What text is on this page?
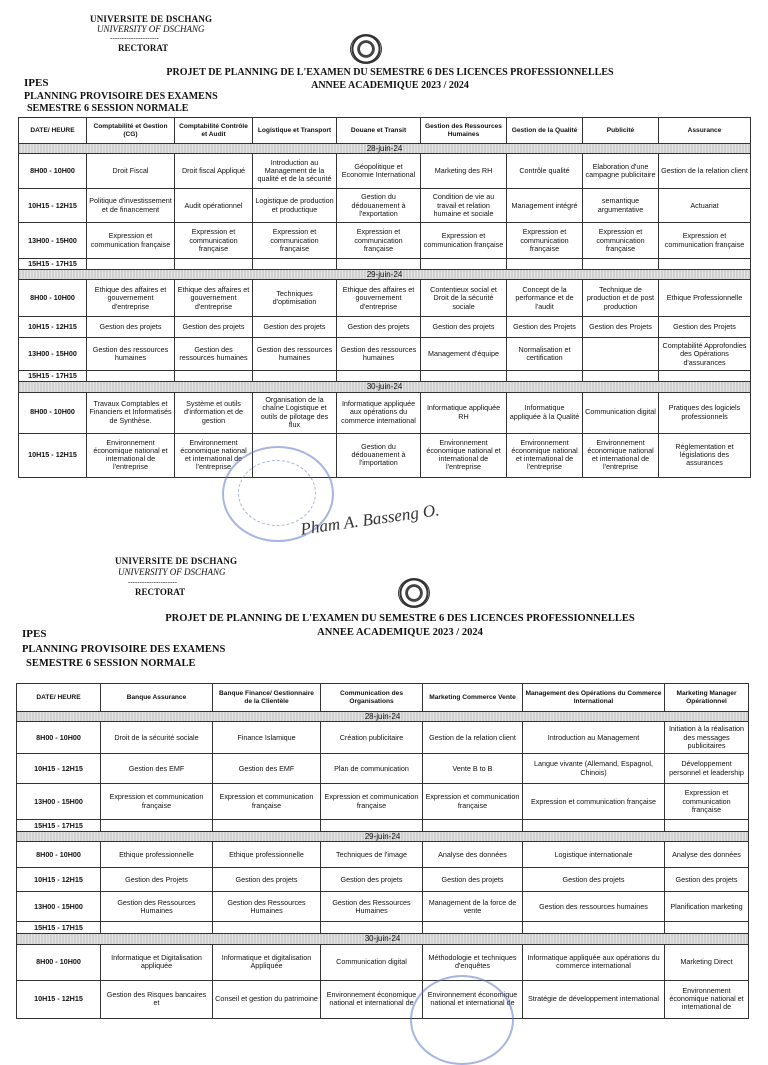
UNIVERSITE DE DSCHANG
UNIVERSITY OF DSCHANG
---------------------
RECTORAT
PROJET DE PLANNING DE L'EXAMEN DU SEMESTRE 6 DES LICENCES PROFESSIONNELLES
ANNEE ACADEMIQUE 2023 / 2024
IPES
PLANNING PROVISOIRE DES EXAMENS
SEMESTRE 6 SESSION NORMALE
DATE/ HEURE	Comptabilité et Gestion (CG)	Comptabilité Contrôle et Audit	Logistique et Transport	Douane et Transit	Gestion des Ressources Humaines	Gestion de la Qualité	Publicité	Assurance
28-juin-24								
8H00 - 10H00	Droit Fiscal	Droit fiscal Appliqué	Introduction au Management de la qualité et de la sécurité	Géopolitique et Economie International	Marketing des RH	Contrôle qualité	Elaboration d'une campagne publicitaire	Gestion de la relation client
10H15 - 12H15	Politique d'investissement et de financement	Audit opérationnel	Logistique de production et productique	Gestion du dédouanement à l'exportation	Condition de vie au travail et relation humaine et sociale	Management intégré	semantique argumentative	Actuariat
13H00 - 15H00	Expression et communication française	Expression et communication française	Expression et communication française	Expression et communication française	Expression et communication française	Expression et communication française	Expression et communication française	Expression et communication française
15H15 - 17H15								
29-juin-24								
8H00 - 10H00	Ethique des affaires et gouvernement d'entreprise	Ethique des affaires et gouvernement d'entreprise	Techniques d'optimisation	Ethique des affaires et gouvernement d'entreprise	Contentieux social et Droit de la sécurité sociale	Concept de la performance et de l'audit	Technique de production et de post production	Ethique Professionnelle
10H15 - 12H15	Gestion des projets	Gestion des projets	Gestion des projets	Gestion des projets	Gestion des projets	Gestion des Projets	Gestion des Projets	Gestion des Projets
13H00 - 15H00	Gestion des ressources humaines	Gestion des ressources humaines	Gestion des ressources humaines	Gestion des ressources humaines	Management d'équipe	Normalisation et certification		Comptabilité Approfondies des Opérations d'assurances
15H15 - 17H15								
30-juin-24								
8H00 - 10H00	Travaux Comptables et Financiers et Informatisés de Synthèse.	Système et outils d'information et de gestion	Organisation de la chaîne Logistique et outils de pilotage des flux	Informatique appliquée aux opérations du commerce international	Informatique appliquée RH	Informatique appliquée à la Qualité	Communication digital	Pratiques des logiciels professionnels
10H15 - 12H15	Environnement économique national et international de l'entreprise	Environnement économique national et international de l'entreprise		Gestion du dédouanement à l'importation	Environnement économique national et international de l'entreprise	Environnement économique national et international de l'entreprise	Environnement économique national et international de l'entreprise	Réglementation et législations des assurances
Pham A. Basseng O.
UNIVERSITE DE DSCHANG
UNIVERSITY OF DSCHANG
---------------------
RECTORAT
PROJET DE PLANNING DE L'EXAMEN DU SEMESTRE 6 DES LICENCES PROFESSIONNELLES
ANNEE ACADEMIQUE 2023 / 2024
IPES
PLANNING PROVISOIRE DES EXAMENS
SEMESTRE 6 SESSION NORMALE
DATE/ HEURE	Banque Assurance	Banque Finance/ Gestionnaire de la Clientèle	Communication des Organisations	Marketing Commerce Vente	Management des Opérations du Commerce International	Marketing Manager Opérationnel
28-juin-24						
8H00 - 10H00	Droit de la sécurité sociale	Finance Islamique	Création publicitaire	Gestion de la relation client	Introduction au Management	Initiation à la réalisation des messages publicitaires
10H15 - 12H15	Gestion des EMF	Gestion des EMF	Plan de communication	Vente B to B	Langue vivante (Allemand, Espagnol, Chinois)	Développement personnel et leadership
13H00 - 15H00	Expression et communication française	Expression et communication française	Expression et communication française	Expression et communication française	Expression et communication française	Expression et communication française
15H15 - 17H15						
29-juin-24						
8H00 - 10H00	Ethique professionnelle	Ethique professionnelle	Techniques de l'image	Analyse des données	Logistique internationale	Analyse des données
10H15 - 12H15	Gestion des Projets	Gestion des projets	Gestion des projets	Gestion des projets	Gestion des projets	Gestion des projets
13H00 - 15H00	Gestion des Ressources Humaines	Gestion des Ressources Humaines	Gestion des Ressources Humaines	Management de la force de vente	Gestion des ressources humaines	Planification marketing
15H15 - 17H15						
30-juin-24						
8H00 - 10H00	Informatique et Digitalisation appliquée	Informatique et digitalisation Appliquée	Communication digital	Méthodologie et techniques d'enquêtes	Informatique appliquée aux opérations du commerce international	Marketing Direct
10H15 - 12H15	Gestion des Risques bancaires et	Conseil et gestion du patrimoine	Environnement économique national et international de	Environnement économique national et international de	Stratégie de développement international	Environnement économique national et international de
